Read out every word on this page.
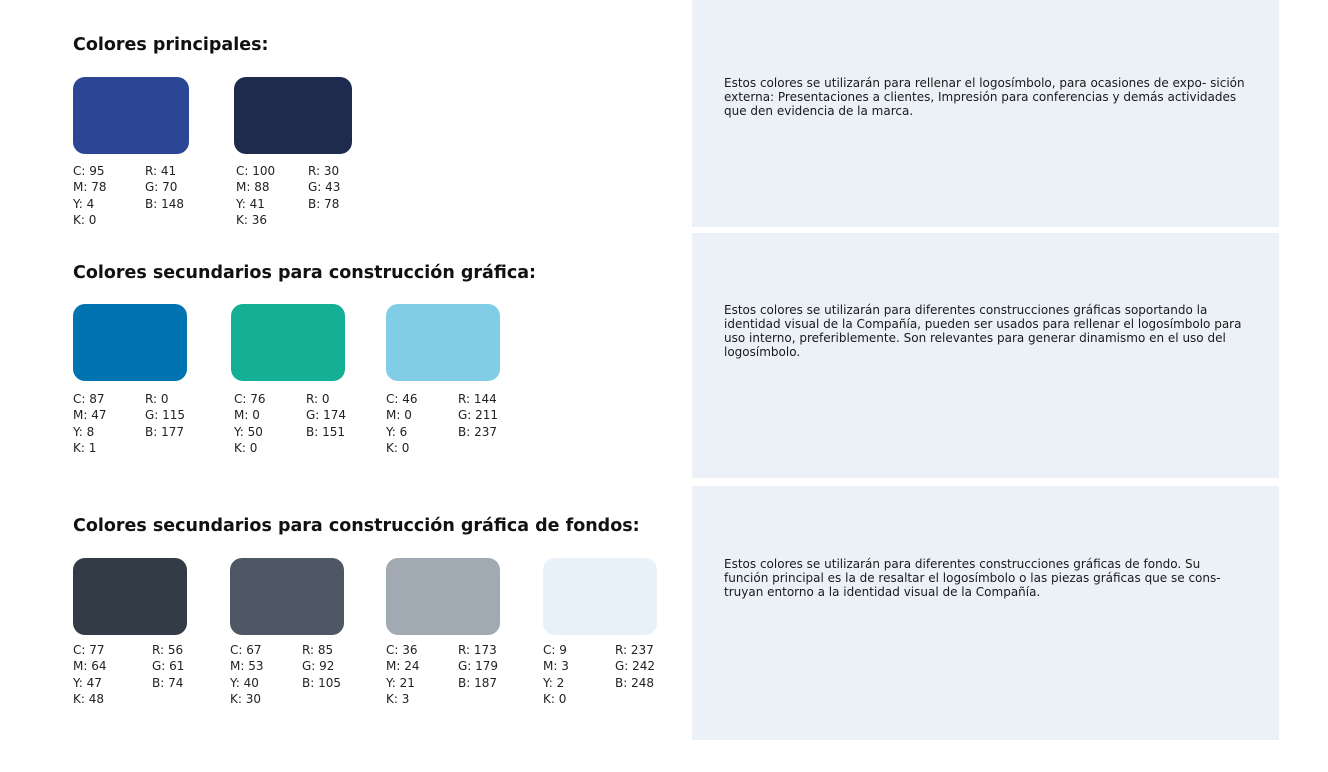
Colores principales:
C: 95
M: 78
Y: 4
K: 0
R: 41
G: 70
B: 148
C: 100
M: 88
Y: 41
K: 36
R: 30
G: 43
B: 78
Colores secundarios para construcción gráfica:
C: 87
M: 47
Y: 8
K: 1
R: 0
G: 115
B: 177
C: 76
M: 0
Y: 50
K: 0
R: 0
G: 174
B: 151
C: 46
M: 0
Y: 6
K: 0
R: 144
G: 211
B: 237
Colores secundarios para construcción gráfica de fondos:
C: 77
M: 64
Y: 47
K: 48
R: 56
G: 61
B: 74
C: 67
M: 53
Y: 40
K: 30
R: 85
G: 92
B: 105
C: 36
M: 24
Y: 21
K: 3
R: 173
G: 179
B: 187
C: 9
M: 3
Y: 2
K: 0
R: 237
G: 242
B: 248

Estos colores se utilizarán para rellenar el logosímbolo, para ocasiones de expo- sición externa: Presentaciones a clientes, Impresión para conferencias y demás actividades que den evidencia de la marca.

Estos colores se utilizarán para diferentes construcciones gráficas soportando la identidad visual de la Compañía, pueden ser usados para rellenar el logosímbolo para uso interno, preferiblemente. Son relevantes para generar dinamismo en el uso del logosímbolo.

Estos colores se utilizarán para diferentes construcciones gráficas de fondo. Su función principal es la de resaltar el logosímbolo o las piezas gráficas que se cons- truyan entorno a la identidad visual de la Compañía.
